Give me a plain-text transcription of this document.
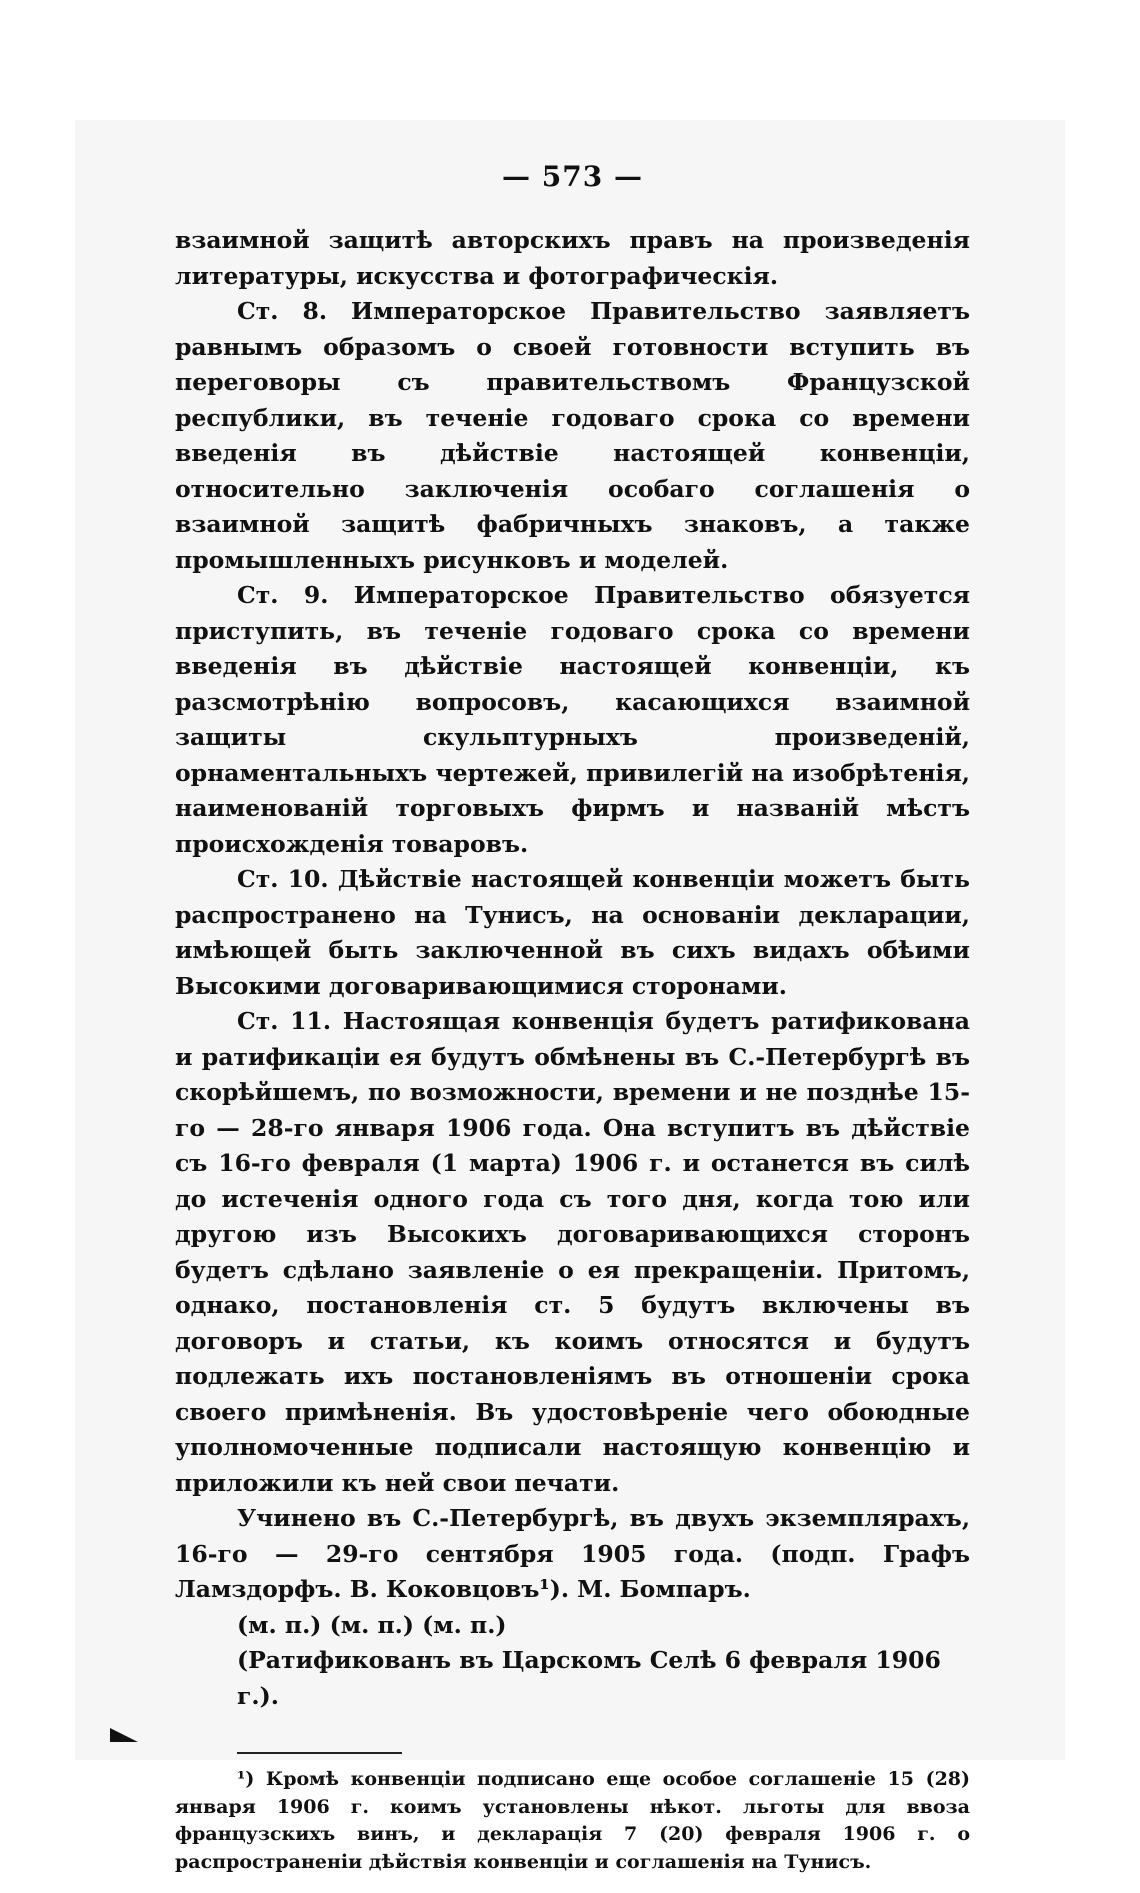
— 573 —

взаимной защитѣ авторскихъ правъ на произведенія литературы, искусства и фотографическія.

Ст. 8. Императорское Правительство заявляетъ равнымъ образомъ о своей готовности вступить въ переговоры съ правительствомъ Французской республики, въ теченіе годоваго срока со времени введенія въ дѣйствіе настоящей конвенціи, относительно заключенія особаго соглашенія о взаимной защитѣ фабричныхъ знаковъ, а также промышленныхъ рисунковъ и моделей.

Ст. 9. Императорское Правительство обязуется приступить, въ теченіе годоваго срока со времени введенія въ дѣйствіе настоящей конвенціи, къ разсмотрѣнію вопросовъ, касающихся взаимной защиты скульптурныхъ произведеній, орнаментальныхъ чертежей, привилегій на изобрѣтенія, наименованій торговыхъ фирмъ и названій мѣстъ происхожденія товаровъ.

Ст. 10. Дѣйствіе настоящей конвенціи можетъ быть распространено на Тунисъ, на основаніи декларации, имѣющей быть заключенной въ сихъ видахъ обѣими Высокими договаривающимися сторонами.

Ст. 11. Настоящая конвенція будетъ ратификована и ратификаціи ея будутъ обмѣнены въ С.-Петербургѣ въ скорѣйшемъ, по возможности, времени и не позднѣе 15-го — 28-го января 1906 года. Она вступитъ въ дѣйствіе съ 16-го февраля (1 марта) 1906 г. и останется въ силѣ до истеченія одного года съ того дня, когда тою или другою изъ Высокихъ договаривающихся сторонъ будетъ сдѣлано заявленіе о ея прекращеніи. Притомъ, однако, постановленія ст. 5 будутъ включены въ договоръ и статьи, къ коимъ относятся и будутъ подлежать ихъ постановленіямъ въ отношеніи срока своего примѣненія. Въ удостовѣреніе чего обоюдные уполномоченные подписали настоящую конвенцію и приложили къ ней свои печати.

Учинено въ С.-Петербургѣ, въ двухъ экземплярахъ, 16-го — 29-го сентября 1905 года. (подп. Графъ Ламздорфъ. В. Коковцовъ¹). М. Бомпаръ.

(м. п.) (м. п.) (м. п.)

(Ратификованъ въ Царскомъ Селѣ 6 февраля 1906 г.).

¹) Кромѣ конвенціи подписано еще особое соглашеніе 15 (28) января 1906 г. коимъ установлены нѣкот. льготы для ввоза французскихъ винъ, и декларація 7 (20) февраля 1906 г. о распространеніи дѣйствія конвенціи и соглашенія на Тунисъ.
